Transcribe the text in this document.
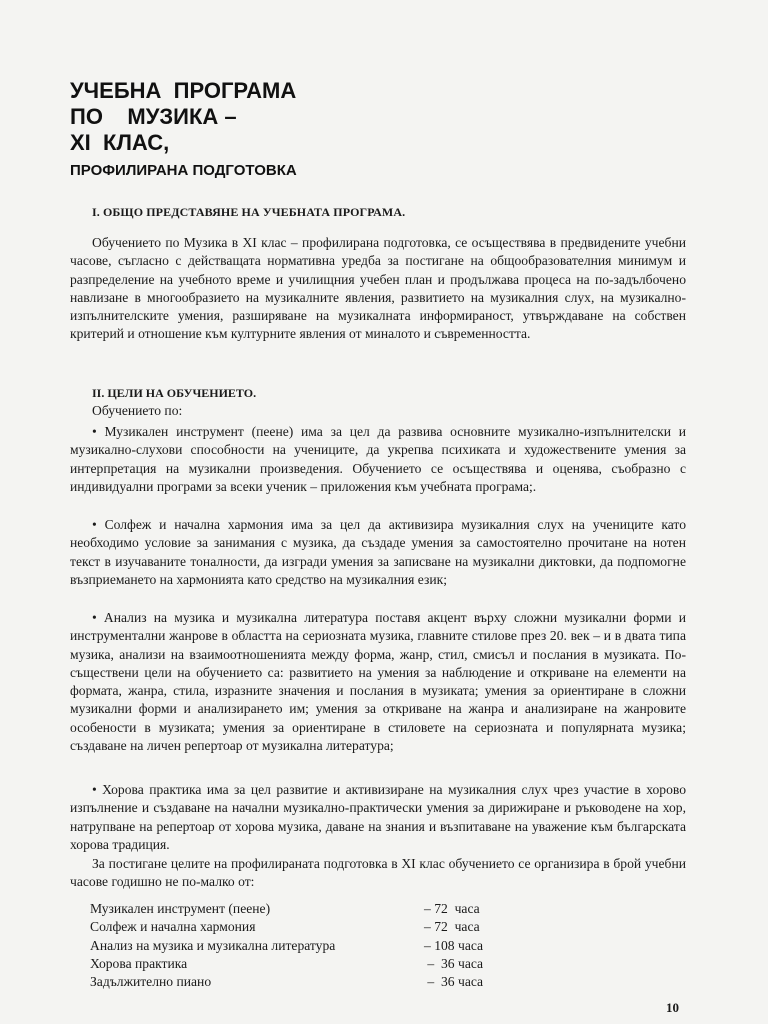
УЧЕБНА  ПРОГРАМА
ПО    МУЗИКА –
XI  КЛАС,
ПРОФИЛИРАНА ПОДГОТОВКА
I. ОБЩО ПРЕДСТАВЯНЕ НА УЧЕБНАТА ПРОГРАМА.

Обучението по Музика в XI клас – профилирана подготовка, се осъществява в предвидените учебни часове, съгласно с действащата нормативна уредба за постигане на общообразователния минимум и разпределение на учебното време и училищния учебен план и продължава процеса на по-задълбочено навлизане в многообразието на музикалните явления, развитието на музикалния слух, на музикално-изпълнителските умения, разширяване на музикалната информираност, утвърждаване на собствен критерий и отношение към културните явления от миналото и съвременността.

II. ЦЕЛИ НА ОБУЧЕНИЕТО.

Обучението по:

• Музикален инструмент (пеене) има за цел да развива основните музикално-изпълнителски и музикално-слухови способности на учениците, да укрепва психиката и художествените умения за интерпретация на музикални произведения. Обучението се осъществява и оценява, съобразно с индивидуални програми за всеки ученик – приложения към учебната програма;.

• Солфеж и начална хармония има за цел да активизира музикалния слух на учениците като необходимо условие за занимания с музика, да създаде умения за самостоятелно прочитане на нотен текст в изучаваните тоналности, да изгради умения за записване на музикални диктовки, да подпомогне възприемането на хармонията като средство на музикалния език;

• Анализ на музика и музикална литература поставя акцент върху сложни музикални форми и инструментални жанрове в областта на сериозната музика, главните стилове през 20. век – и в двата типа музика, анализи на взаимоотношенията между форма, жанр, стил, смисъл и послания в музиката. По-съществени цели на обучението са: развитието на умения за наблюдение и откриване на елементи на формата, жанра, стила, изразните значения и послания в музиката; умения за ориентиране в сложни музикални форми и анализирането им; умения за откриване на жанра и анализиране на жанровите особености в музиката; умения за ориентиране в стиловете на сериозната и популярната музика; създаване на личен репертоар от музикална литература;

• Хорова практика има за цел развитие и активизиране на музикалния слух чрез участие в хорово изпълнение и създаване на начални музикално-практически умения за дирижиране и ръководене на хор, натрупване на репертоар от хорова музика, даване на знания и възпитаване на уважение към българската хорова традиция.

За постигане целите на профилираната подготовка в XI клас обучението се организира в брой учебни часове годишно не по-малко от:

Музикален инструмент (пеене)	– 72  часа
Солфеж и начална хармония	– 72  часа
Анализ на музика и музикална литература	– 108 часа
Хорова практика	–  36 часа
Задължително пиано	–  36 часа

10
